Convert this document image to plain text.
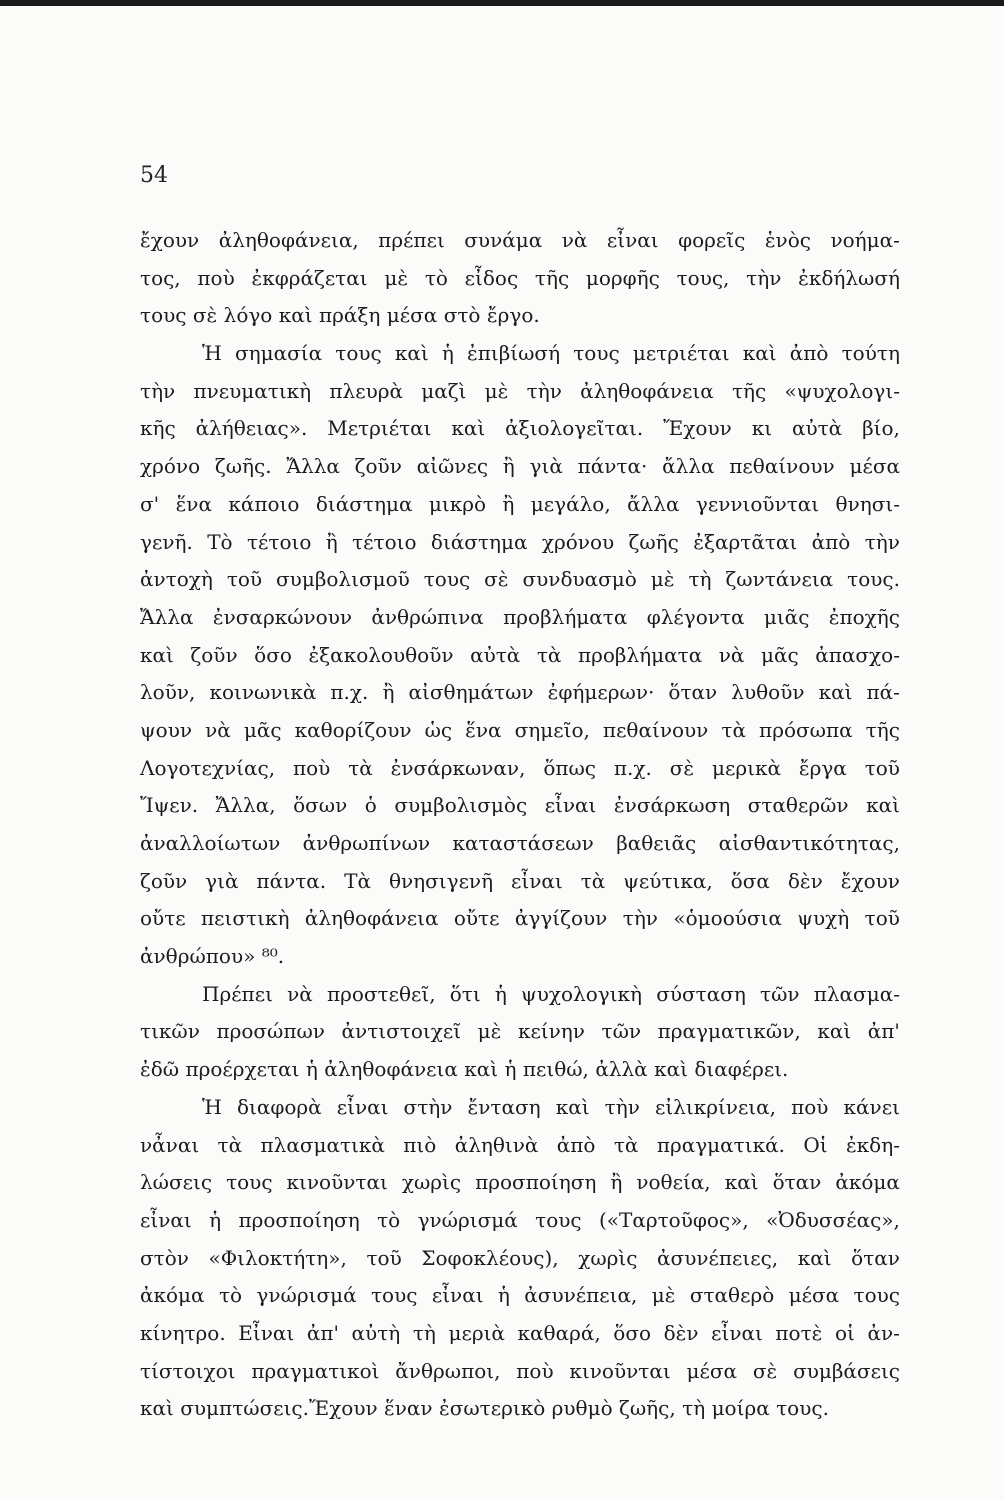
54
ἔχουν ἀληθοφάνεια, πρέπει συνάμα νὰ εἶναι φορεῖς ἑνὸς νοήμα-
τος, ποὺ ἐκφράζεται μὲ τὸ εἶδος τῆς μορφῆς τους, τὴν ἐκδήλωσή
τους σὲ λόγο καὶ πράξη μέσα στὸ ἔργο.
Ἡ σημασία τους καὶ ἡ ἐπιβίωσή τους μετριέται καὶ ἀπὸ τούτη
τὴν πνευματικὴ πλευρὰ μαζὶ μὲ τὴν ἀληθοφάνεια τῆς «ψυχολογι-
κῆς ἀλήθειας». Μετριέται καὶ ἀξιολογεῖται. Ἔχουν κι αὐτὰ βίο,
χρόνο ζωῆς. Ἄλλα ζοῦν αἰῶνες ἢ γιὰ πάντα· ἄλλα πεθαίνουν μέσα
σ' ἕνα κάποιο διάστημα μικρὸ ἢ μεγάλο, ἄλλα γεννιοῦνται θνησι-
γενῆ. Τὸ τέτοιο ἢ τέτοιο διάστημα χρόνου ζωῆς ἐξαρτᾶται ἀπὸ τὴν
ἀντοχὴ τοῦ συμβολισμοῦ τους σὲ συνδυασμὸ μὲ τὴ ζωντάνεια τους.
Ἄλλα ἐνσαρκώνουν ἀνθρώπινα προβλήματα φλέγοντα μιᾶς ἐποχῆς
καὶ ζοῦν ὅσο ἐξακολουθοῦν αὐτὰ τὰ προβλήματα νὰ μᾶς ἀπασχο-
λοῦν, κοινωνικὰ π.χ. ἢ αἰσθημάτων ἐφήμερων· ὅταν λυθοῦν καὶ πά-
ψουν νὰ μᾶς καθορίζουν ὡς ἕνα σημεῖο, πεθαίνουν τὰ πρόσωπα τῆς
Λογοτεχνίας, ποὺ τὰ ἐνσάρκωναν, ὅπως π.χ. σὲ μερικὰ ἔργα τοῦ
Ἴψεν. Ἄλλα, ὅσων ὁ συμβολισμὸς εἶναι ἐνσάρκωση σταθερῶν καὶ
ἀναλλοίωτων ἀνθρωπίνων καταστάσεων βαθειᾶς αἰσθαντικότητας,
ζοῦν γιὰ πάντα. Τὰ θνησιγενῆ εἶναι τὰ ψεύτικα, ὅσα δὲν ἔχουν
οὔτε πειστικὴ ἀληθοφάνεια οὔτε ἀγγίζουν τὴν «ὁμοούσια ψυχὴ τοῦ
ἀνθρώπου» ⁸⁰.
Πρέπει νὰ προστεθεῖ, ὅτι ἡ ψυχολογικὴ σύσταση τῶν πλασμα-
τικῶν προσώπων ἀντιστοιχεῖ μὲ κείνην τῶν πραγματικῶν, καὶ ἀπ'
ἐδῶ προέρχεται ἡ ἀληθοφάνεια καὶ ἡ πειθώ, ἀλλὰ καὶ διαφέρει.
Ἡ διαφορὰ εἶναι στὴν ἔνταση καὶ τὴν εἰλικρίνεια, ποὺ κάνει
νἆναι τὰ πλασματικὰ πιὸ ἀληθινὰ ἀπὸ τὰ πραγματικά. Οἱ ἐκδη-
λώσεις τους κινοῦνται χωρὶς προσποίηση ἢ νοθεία, καὶ ὅταν ἀκόμα
εἶναι ἡ προσποίηση τὸ γνώρισμά τους («Ταρτοῦφος», «Ὀδυσσέας»,
στὸν «Φιλοκτήτη», τοῦ Σοφοκλέους), χωρὶς ἀσυνέπειες, καὶ ὅταν
ἀκόμα τὸ γνώρισμά τους εἶναι ἡ ἀσυνέπεια, μὲ σταθερὸ μέσα τους
κίνητρο. Εἶναι ἀπ' αὐτὴ τὴ μεριὰ καθαρά, ὅσο δὲν εἶναι ποτὲ οἱ ἀν-
τίστοιχοι πραγματικοὶ ἄνθρωποι, ποὺ κινοῦνται μέσα σὲ συμβάσεις
καὶ συμπτώσεις.Ἔχουν ἕναν ἐσωτερικὸ ρυθμὸ ζωῆς, τὴ μοίρα τους.
